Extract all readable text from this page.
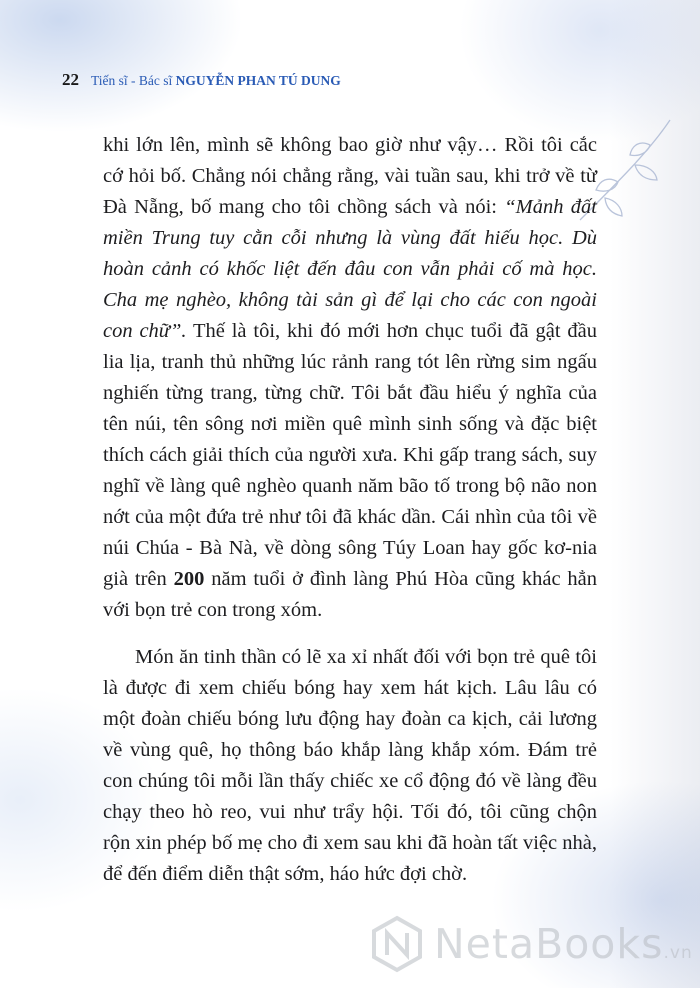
22 Tiến sĩ - Bác sĩ NGUYỄN PHAN TÚ DUNG

khi lớn lên, mình sẽ không bao giờ như vậy… Rồi tôi cắc cớ hỏi bố. Chẳng nói chẳng rằng, vài tuần sau, khi trở về từ Đà Nẵng, bố mang cho tôi chồng sách và nói: “Mảnh đất miền Trung tuy cằn cỗi nhưng là vùng đất hiếu học. Dù hoàn cảnh có khốc liệt đến đâu con vẫn phải cố mà học. Cha mẹ nghèo, không tài sản gì để lại cho các con ngoài con chữ”. Thế là tôi, khi đó mới hơn chục tuổi đã gật đầu lia lịa, tranh thủ những lúc rảnh rang tót lên rừng sim ngấu nghiến từng trang, từng chữ. Tôi bắt đầu hiểu ý nghĩa của tên núi, tên sông nơi miền quê mình sinh sống và đặc biệt thích cách giải thích của người xưa. Khi gấp trang sách, suy nghĩ về làng quê nghèo quanh năm bão tố trong bộ não non nớt của một đứa trẻ như tôi đã khác dần. Cái nhìn của tôi về núi Chúa - Bà Nà, về dòng sông Túy Loan hay gốc kơ-nia già trên 200 năm tuổi ở đình làng Phú Hòa cũng khác hẳn với bọn trẻ con trong xóm.

Món ăn tinh thần có lẽ xa xỉ nhất đối với bọn trẻ quê tôi là được đi xem chiếu bóng hay xem hát kịch. Lâu lâu có một đoàn chiếu bóng lưu động hay đoàn ca kịch, cải lương về vùng quê, họ thông báo khắp làng khắp xóm. Đám trẻ con chúng tôi mỗi lần thấy chiếc xe cổ động đó về làng đều chạy theo hò reo, vui như trẩy hội. Tối đó, tôi cũng chộn rộn xin phép bố mẹ cho đi xem sau khi đã hoàn tất việc nhà, để đến điểm diễn thật sớm, háo hức đợi chờ.

NetaBooks.vn
